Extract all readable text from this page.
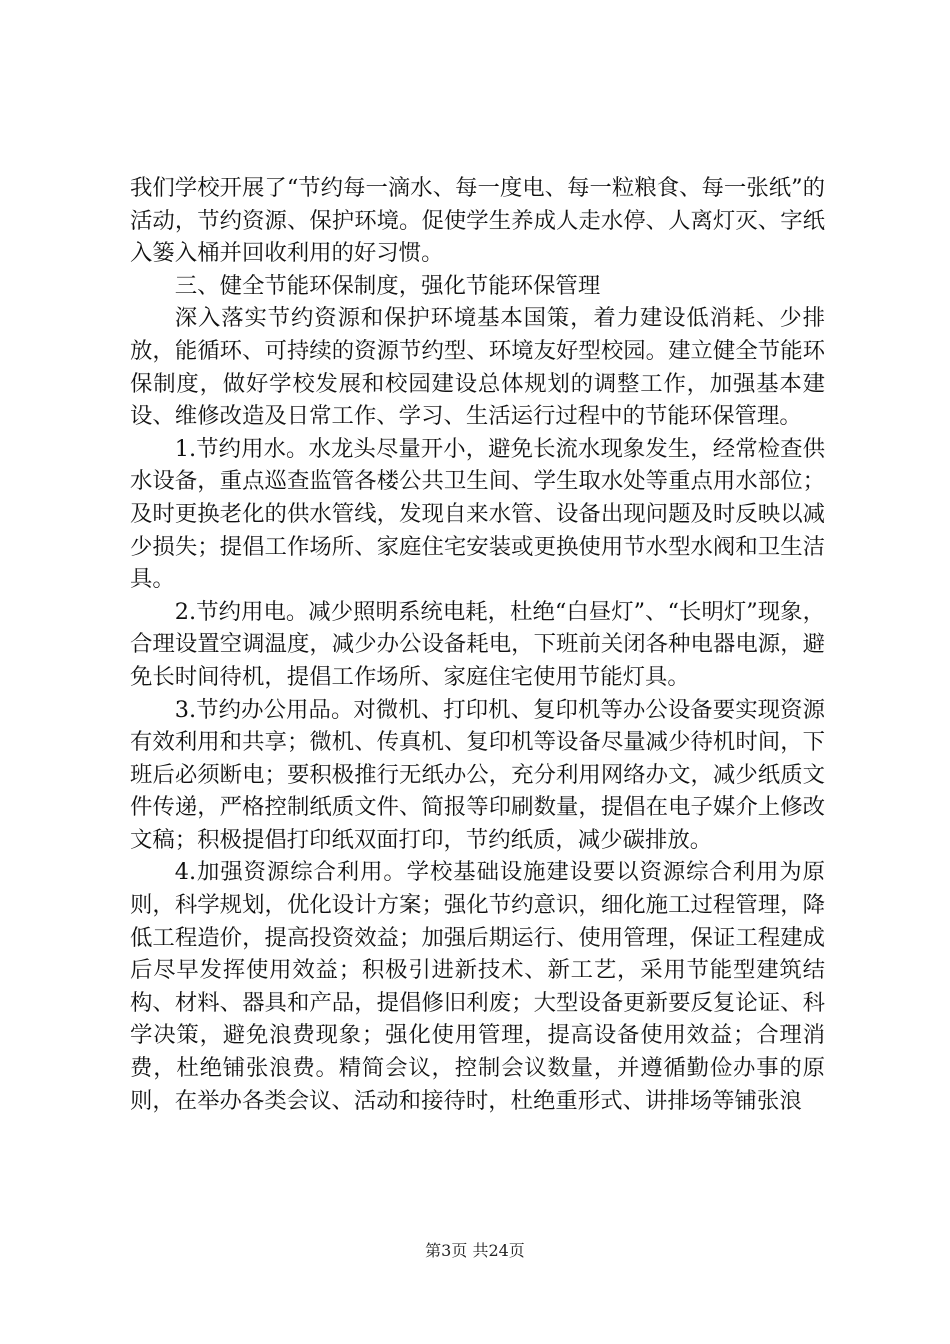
我们学校开展了“节约每一滴水、每一度电、每一粒粮食、每一张纸”的活动，节约资源、保护环境。促使学生养成人走水停、人离灯灭、字纸入篓入桶并回收利用的好习惯。

三、健全节能环保制度，强化节能环保管理

深入落实节约资源和保护环境基本国策，着力建设低消耗、少排放，能循环、可持续的资源节约型、环境友好型校园。建立健全节能环保制度，做好学校发展和校园建设总体规划的调整工作，加强基本建设、维修改造及日常工作、学习、生活运行过程中的节能环保管理。

1.节约用水。水龙头尽量开小，避免长流水现象发生，经常检查供水设备，重点巡查监管各楼公共卫生间、学生取水处等重点用水部位；及时更换老化的供水管线，发现自来水管、设备出现问题及时反映以减少损失；提倡工作场所、家庭住宅安装或更换使用节水型水阀和卫生洁具。

2.节约用电。减少照明系统电耗，杜绝“白昼灯”、“长明灯”现象，合理设置空调温度，减少办公设备耗电，下班前关闭各种电器电源，避免长时间待机，提倡工作场所、家庭住宅使用节能灯具。

3.节约办公用品。对微机、打印机、复印机等办公设备要实现资源有效利用和共享；微机、传真机、复印机等设备尽量减少待机时间，下班后必须断电；要积极推行无纸办公，充分利用网络办文，减少纸质文件传递，严格控制纸质文件、简报等印刷数量，提倡在电子媒介上修改文稿；积极提倡打印纸双面打印，节约纸质，减少碳排放。

4.加强资源综合利用。学校基础设施建设要以资源综合利用为原则，科学规划，优化设计方案；强化节约意识，细化施工过程管理，降低工程造价，提高投资效益；加强后期运行、使用管理，保证工程建成后尽早发挥使用效益；积极引进新技术、新工艺，采用节能型建筑结构、材料、器具和产品，提倡修旧利废；大型设备更新要反复论证、科学决策，避免浪费现象；强化使用管理，提高设备使用效益；合理消费，杜绝铺张浪费。精简会议，控制会议数量，并遵循勤俭办事的原则，在举办各类会议、活动和接待时，杜绝重形式、讲排场等铺张浪

第3页 共24页
